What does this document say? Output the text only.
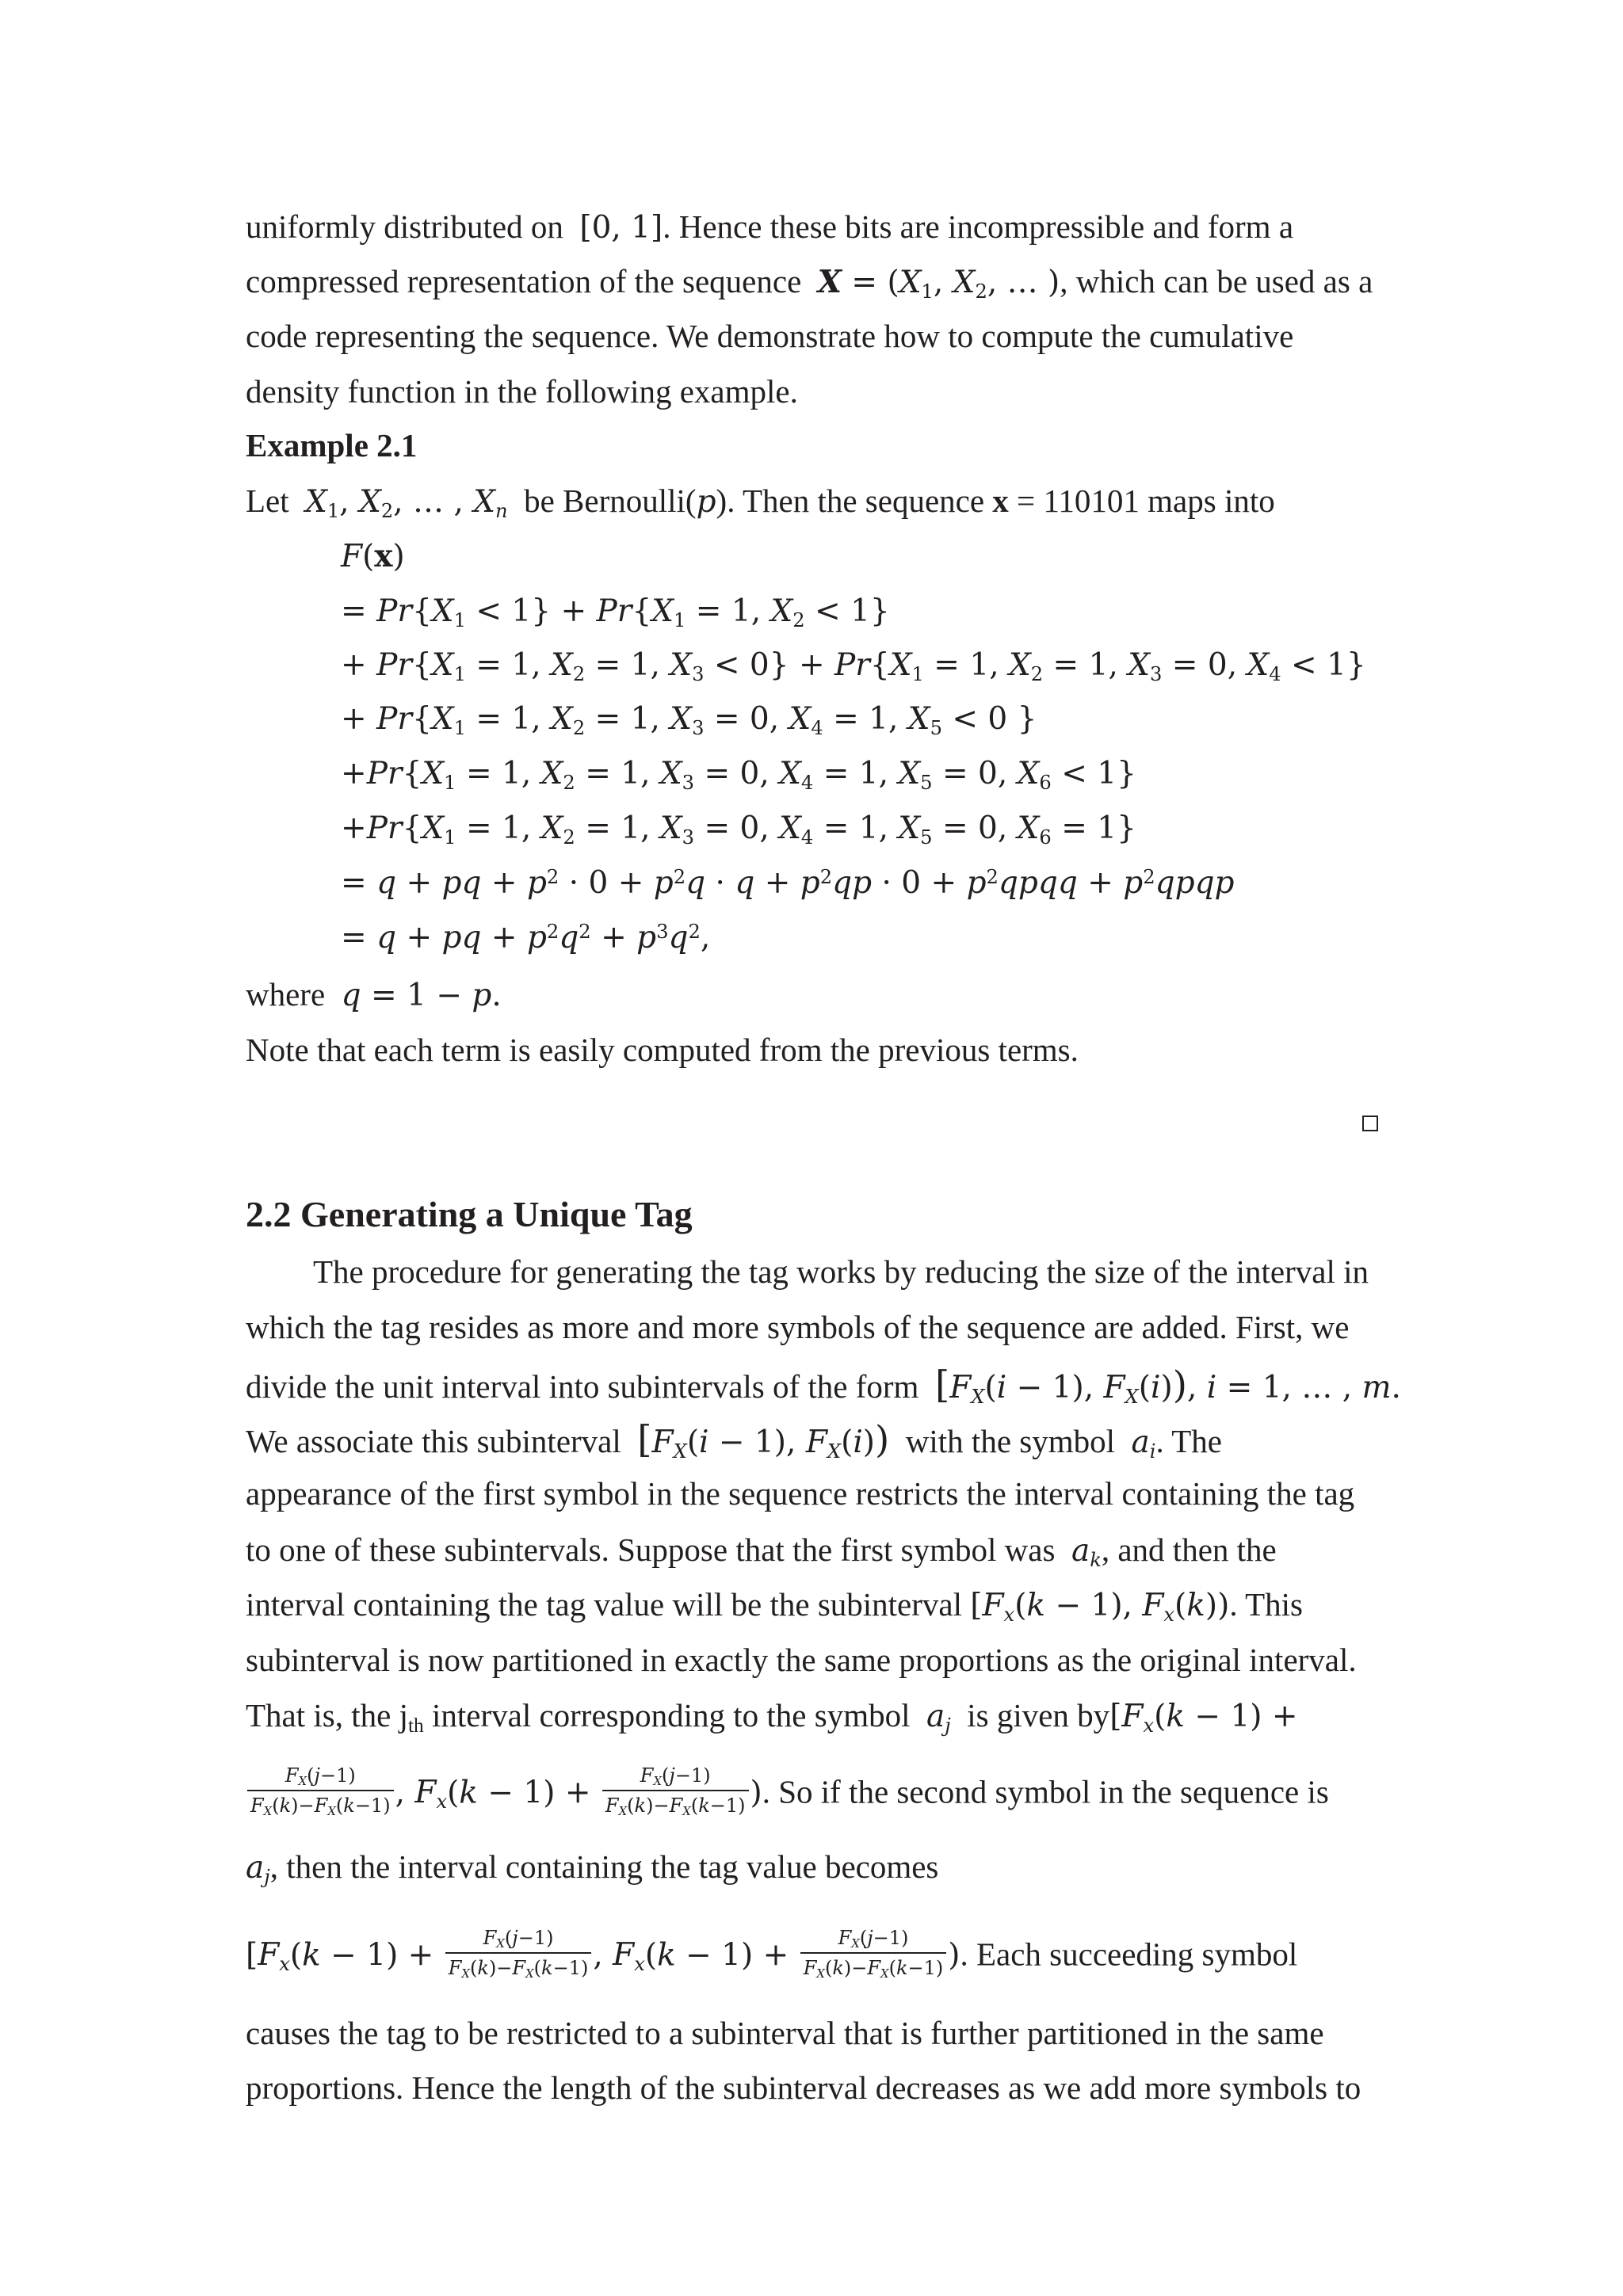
uniformly distributed on [0, 1]. Hence these bits are incompressible and form a
compressed representation of the sequence $X = (X_1$, $X_2$, … ), which can be used as a
code representing the sequence. We demonstrate how to compute the cumulative
density function in the following example.
Example 2.1
Let $X_1$, $X_2$, … , $X_n$ be Bernoulli(p). Then the sequence x = 110101 maps into
F(x)
= $Pr\{X_1 < 1\} + Pr\{X_1 = 1$, $X_2 < 1$}
+ $Pr\{X_1 = 1$, $X_2 = 1$, $X_3 < 0\} + Pr\{X_1 = 1$, $X_2 = 1$, $X_3 = 0$, $X_4 < 1$}
+ $Pr\{X_1 = 1$, $X_2 = 1$, $X_3 = 0$, $X_4 = 1$, $X_5 < 0$ }
$+Pr\{X_1 = 1$, $X_2 = 1$, $X_3 = 0$, $X_4 = 1$, $X_5 = 0$, $X_6 < 1$}
$+Pr\{X_1 = 1$, $X_2 = 1$, $X_3 = 0$, $X_4 = 1$, $X_5 = 0$, $X_6 = 1$}
= q + pq + $p^2 \cdot 0 + p^2q \cdot q + p^2qp \cdot 0$ + $p^2qpqq$ + $p^2qpqp$
= q + pq + $p^2q^2 + p^3q^2$,
where q = 1 − p.
Note that each term is easily computed from the previous terms.
2.2 Generating a Unique Tag
The procedure for generating the tag works by reducing the size of the interval in
which the tag resides as more and more symbols of the sequence are added. First, we
divide the unit interval into subintervals of the form [$F_X(i - 1)$, $F_X(i)$), i = 1, … , m.
We associate this subinterval [$F_X(i - 1)$, $F_X(i)$) with the symbol $a_i$. The
appearance of the first symbol in the sequence restricts the interval containing the tag
to one of these subintervals. Suppose that the first symbol was $a_k$, and then the
interval containing the tag value will be the subinterval [$F_x(k - 1)$, $F_x(k)$). This
subinterval is now partitioned in exactly the same proportions as the original interval.
That is, the $j_{th}$ interval corresponding to the symbol $a_j$ is given $by[F_x(k - 1)$ +
$\frac{F_X(j-1)}{F_X(k)-F_X(k-1)}$ , $F_x(k - 1) + \frac{F_X(j-1)}{F_X(k)-F_X(k-1)}$ ). So if the second symbol in the sequence is
$a_j$, then the interval containing the tag value becomes
[$F_x(k - 1) + \frac{F_X(j-1)}{F_X(k)-F_X(k-1)}$ , $F_x(k - 1) + \frac{F_X(j-1)}{F_X(k)-F_X(k-1)}$ ). Each succeeding symbol
causes the tag to be restricted to a subinterval that is further partitioned in the same
proportions. Hence the length of the subinterval decreases as we add more symbols to
